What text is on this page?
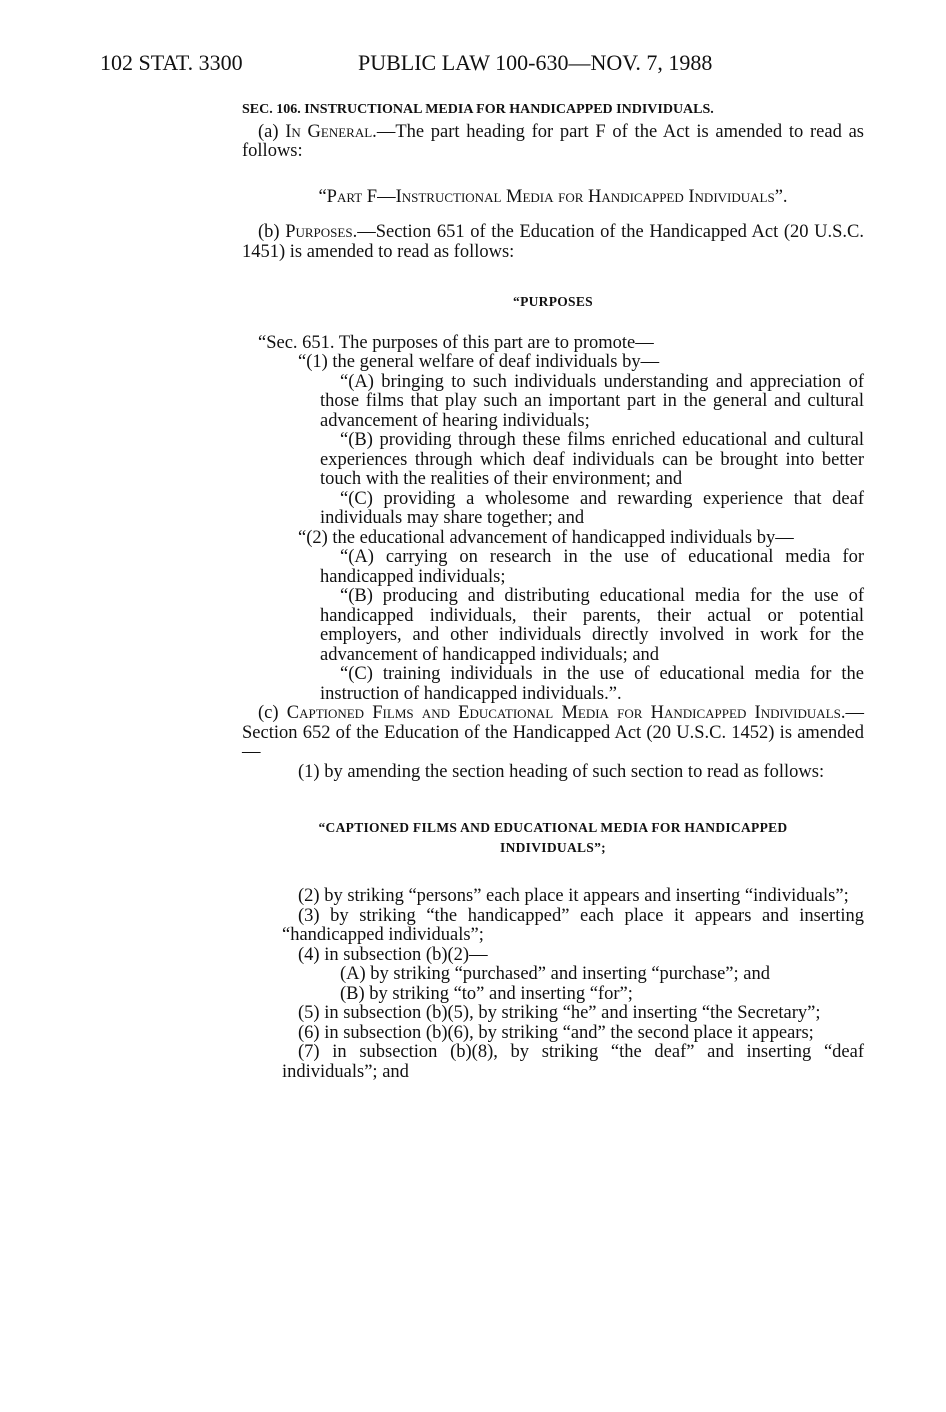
102 STAT. 3300	PUBLIC LAW 100-630—NOV. 7, 1988

SEC. 106. INSTRUCTIONAL MEDIA FOR HANDICAPPED INDIVIDUALS.

(a) In General.—The part heading for part F of the Act is amended to read as follows:

“Part F—Instructional Media for Handicapped Individuals”.

(b) Purposes.—Section 651 of the Education of the Handicapped Act (20 U.S.C. 1451) is amended to read as follows:

“PURPOSES

“Sec. 651. The purposes of this part are to promote—

“(1) the general welfare of deaf individuals by—

“(A) bringing to such individuals understanding and appreciation of those films that play such an important part in the general and cultural advancement of hearing individuals;

“(B) providing through these films enriched educational and cultural experiences through which deaf individuals can be brought into better touch with the realities of their environment; and

“(C) providing a wholesome and rewarding experience that deaf individuals may share together; and

“(2) the educational advancement of handicapped individuals by—

“(A) carrying on research in the use of educational media for handicapped individuals;

“(B) producing and distributing educational media for the use of handicapped individuals, their parents, their actual or potential employers, and other individuals directly involved in work for the advancement of handicapped individuals; and

“(C) training individuals in the use of educational media for the instruction of handicapped individuals.”.

(c) Captioned Films and Educational Media for Handicapped Individuals.—Section 652 of the Education of the Handicapped Act (20 U.S.C. 1452) is amended—

(1) by amending the section heading of such section to read as follows:

“CAPTIONED FILMS AND EDUCATIONAL MEDIA FOR HANDICAPPED INDIVIDUALS”;

(2) by striking “persons” each place it appears and inserting “individuals”;

(3) by striking “the handicapped” each place it appears and inserting “handicapped individuals”;

(4) in subsection (b)(2)—

(A) by striking “purchased” and inserting “purchase”; and

(B) by striking “to” and inserting “for”;

(5) in subsection (b)(5), by striking “he” and inserting “the Secretary”;

(6) in subsection (b)(6), by striking “and” the second place it appears;

(7) in subsection (b)(8), by striking “the deaf” and inserting “deaf individuals”; and
